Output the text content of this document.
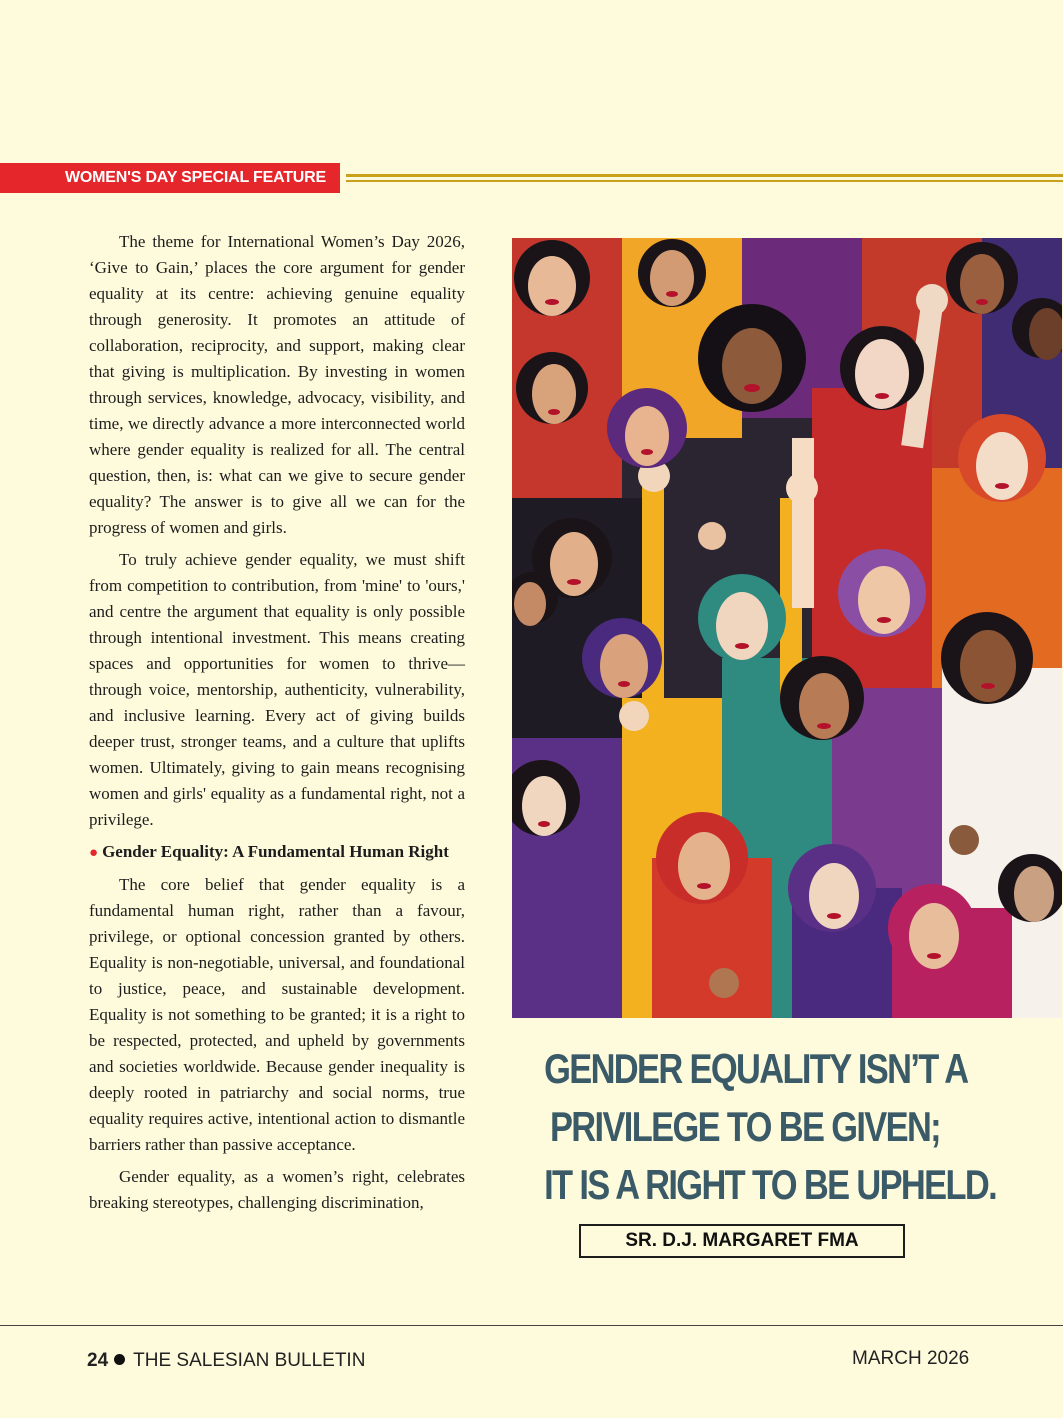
WOMEN'S DAY SPECIAL FEATURE

The theme for International Women’s Day 2026, ‘Give to Gain,’ places the core argument for gender equality at its centre: achieving genuine equality through generosity. It promotes an attitude of collaboration, reciprocity, and support, making clear that giving is multiplication. By investing in women through services, knowledge, advocacy, visibility, and time, we directly advance a more interconnected world where gender equality is realized for all. The central question, then, is: what can we give to secure gender equality? The answer is to give all we can for the progress of women and girls.

To truly achieve gender equality, we must shift from competition to contribution, from 'mine' to 'ours,' and centre the argument that equality is only possible through intentional investment. This means creating spaces and opportunities for women to thrive—through voice, mentorship, authenticity, vulnerability, and inclusive learning. Every act of giving builds deeper trust, stronger teams, and a culture that uplifts women. Ultimately, giving to gain means recognising women and girls' equality as a fundamental right, not a privilege.

● Gender Equality: A Fundamental Human Right

The core belief that gender equality is a fundamental human right, rather than a favour, privilege, or optional concession granted by others. Equality is non-negotiable, universal, and foundational to justice, peace, and sustainable development. Equality is not something to be granted; it is a right to be respected, protected, and upheld by governments and societies worldwide. Because gender inequality is deeply rooted in patriarchy and social norms, true equality requires active, intentional action to dismantle barriers rather than passive acceptance.

Gender equality, as a women’s right, celebrates breaking stereotypes, challenging discrimination,

GENDER EQUALITY ISN’T A
PRIVILEGE TO BE GIVEN;
IT IS A RIGHT TO BE UPHELD.
SR. D.J. MARGARET FMA
24 THE SALESIAN BULLETIN	MARCH 2026
